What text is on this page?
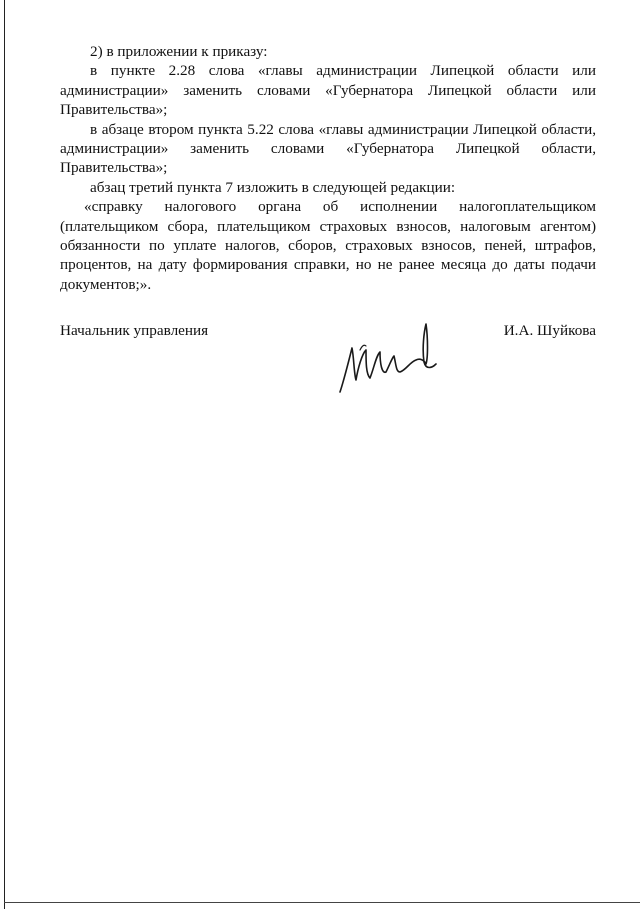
2) в приложении к приказу:

в пункте 2.28 слова «главы администрации Липецкой области или администрации» заменить словами «Губернатора Липецкой области или Правительства»;

в абзаце втором пункта 5.22 слова «главы администрации Липецкой области, администрации» заменить словами «Губернатора Липецкой области, Правительства»;

абзац третий пункта 7 изложить в следующей редакции:

«справку налогового органа об исполнении налогоплательщиком (плательщиком сбора, плательщиком страховых взносов, налоговым агентом) обязанности по уплате налогов, сборов, страховых взносов, пеней, штрафов, процентов, на дату формирования справки, но не ранее месяца до даты подачи документов;».

Начальник управления	И.А. Шуйкова
